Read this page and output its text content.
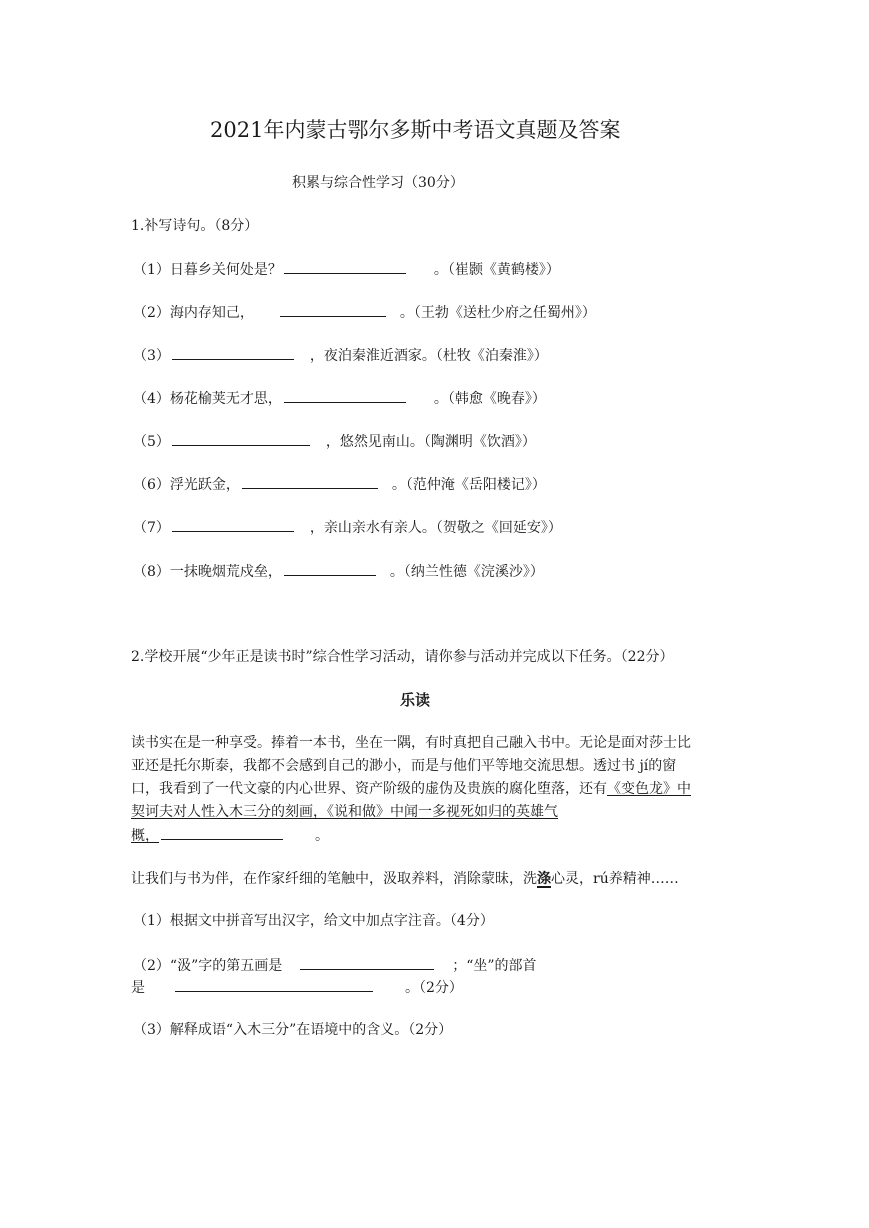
2021年内蒙古鄂尔多斯中考语文真题及答案
积累与综合性学习（30分）
1.补写诗句。（8分）
（1）日暮乡关何处是？	。（崔颢《黄鹤楼》）
（2）海内存知己，	。（王勃《送杜少府之任蜀州》）
（3）	，夜泊秦淮近酒家。（杜牧《泊秦淮》）
（4）杨花榆荚无才思，	。（韩愈《晚春》）
（5）	，悠然见南山。（陶渊明《饮酒》）
（6）浮光跃金，	。（范仲淹《岳阳楼记》）
（7）	，亲山亲水有亲人。（贺敬之《回延安》）
（8）一抹晚烟荒戍垒，	。（纳兰性德《浣溪沙》）
2.学校开展“少年正是读书时”综合性学习活动，请你参与活动并完成以下任务。（22分）
乐读
读书实在是一种享受。捧着一本书，坐在一隅，有时真把自己融入书中。无论是面对莎士比
亚还是托尔斯泰，我都不会感到自己的渺小，而是与他们平等地交流思想。透过书 jí的窗
口，我看到了一代文豪的内心世界、资产阶级的虚伪及贵族的腐化堕落，还有《变色龙》中
契诃夫对人性入木三分的刻画，《说和做》中闻一多视死如归的英雄气
概，	。
让我们与书为伴，在作家纤细的笔触中，汲取养料，消除蒙昧，洗涤心灵，rú养精神……
（1）根据文中拼音写出汉字，给文中加点字注音。（4分）
（2）“汲”字的第五画是	；“坐”的部首
是	。（2分）
（3）解释成语“入木三分”在语境中的含义。（2分）
